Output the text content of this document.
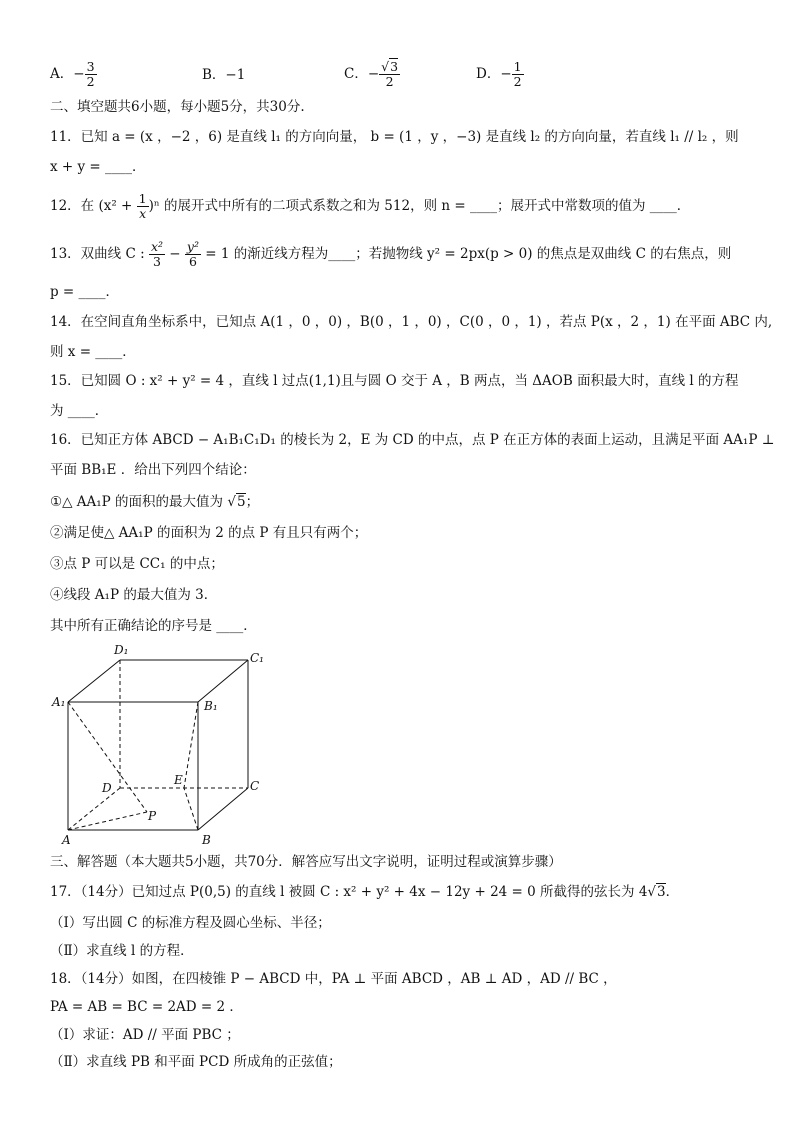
A．− $\frac{3}{2}$	B．−1	C．− $\frac{√3}{2}$	D．− $\frac{1}{2}$
二、填空题共6小题，每小题5分，共30分.
11．已知 a = (x ，−2 ，6) 是直线 l₁ 的方向向量， b = (1 ，y ，−3) 是直线 l₂ 的方向向量，若直线 l₁ // l₂ ，则
x + y = ____．
12．在 $(x^2 + \frac{1}{x} )^n$ 的展开式中所有的二项式系数之和为 512，则 n = ____；展开式中常数项的值为 ____．
13．双曲线 C : $\frac{\text{x²}}{3} - \frac{\text{y²}}{6} = 1$ 的渐近线方程为____；若抛物线 y² = 2px(p > 0) 的焦点是双曲线 C 的右焦点，则
p = ____．
14．在空间直角坐标系中，已知点 A(1 ，0 ，0) ，B(0 ，1 ，0) ，C(0 ，0 ，1) ，若点 P(x ，2 ，1) 在平面 ABC 内,
则 x = ____．
15．已知圆 O : x² + y² = 4 ，直线 l 过点(1,1)且与圆 O 交于 A ，B 两点，当 ΔAOB 面积最大时，直线 l 的方程
为 ____．
16．已知正方体 ABCD − A₁B₁C₁D₁ 的棱长为 2，E 为 CD 的中点，点 P 在正方体的表面上运动，且满足平面 AA₁P ⊥
平面 BB₁E ．给出下列四个结论：
①△ AA₁P 的面积的最大值为 √5；
②满足使△ AA₁P 的面积为 2 的点 P 有且只有两个；
③点 P 可以是 CC₁ 的中点；
④线段 A₁P 的最大值为 3．
其中所有正确结论的序号是 ____．
D₁
C₁
A₁	B₁
D
E	C
P
A	B
三、解答题（本大题共5小题，共70分．解答应写出文字说明，证明过程或演算步骤）
17．（14分）已知过点 P(0,5) 的直线 l 被圆 C : x² + y² + 4x − 12y + 24 = 0 所截得的弦长为 4√3．
（Ⅰ）写出圆 C 的标准方程及圆心坐标、半径；
（Ⅱ）求直线 l 的方程．
18．（14分）如图，在四棱锥 P − ABCD 中，PA ⊥ 平面 ABCD ，AB ⊥ AD ，AD // BC ，
PA = AB = BC = 2AD = 2 ．
（Ⅰ）求证：AD // 平面 PBC ；
（Ⅱ）求直线 PB 和平面 PCD 所成角的正弦值；
